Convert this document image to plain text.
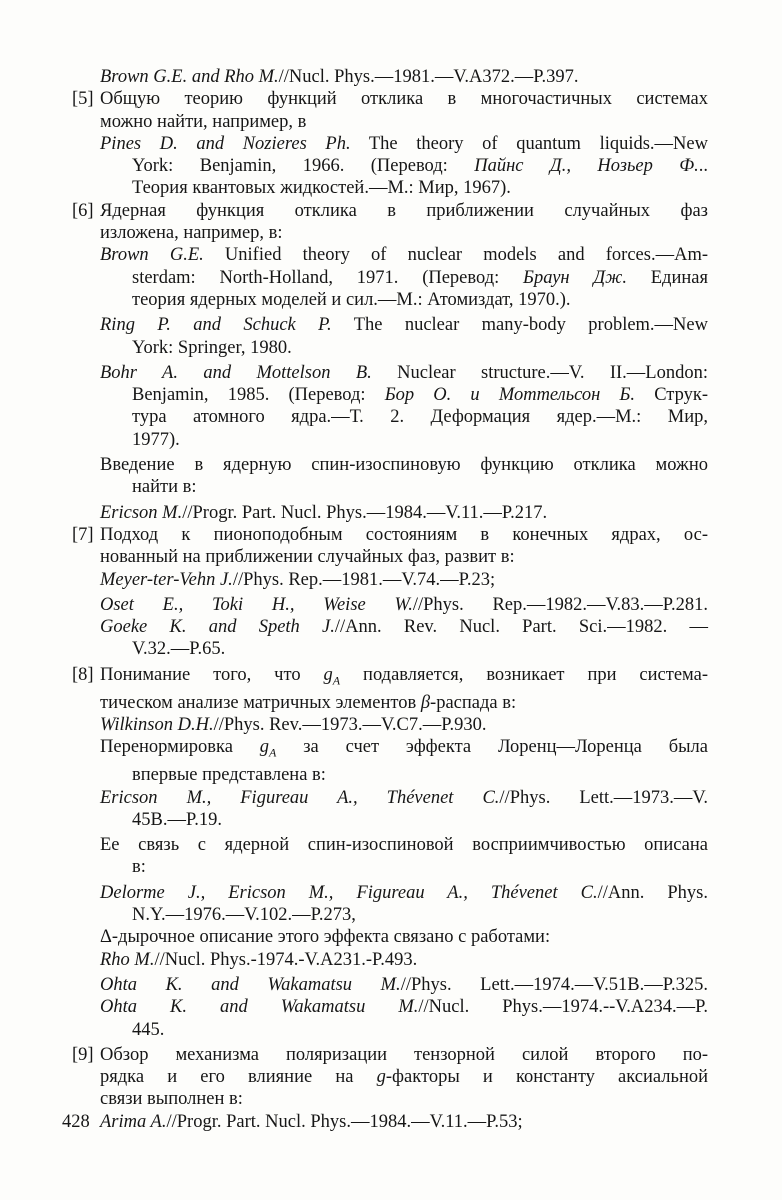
Brown G.E. and Rho M.//Nucl. Phys.—1981.—V.A372.—P.397.
[5] Общую теорию функций отклика в многочастичных системах
можно найти, например, в
Pines D. and Nozieres Ph. The theory of quantum liquids.—New
York: Benjamin, 1966. (Перевод: Пайнс Д., Нозьер Ф...
Теория квантовых жидкостей.—М.: Мир, 1967).
[6] Ядерная функция отклика в приближении случайных фаз
изложена, например, в:
Brown G.E. Unified theory of nuclear models and forces.—Am-
sterdam: North-Holland, 1971. (Перевод: Браун Дж. Единая
теория ядерных моделей и сил.—М.: Атомиздат, 1970.).
Ring P. and Schuck P. The nuclear many-body problem.—New
York: Springer, 1980.
Bohr A. and Mottelson B. Nuclear structure.—V. II.—London:
Benjamin, 1985. (Перевод: Бор О. и Моттельсон Б. Струк-
тура атомного ядра.—Т. 2. Деформация ядер.—М.: Мир,
1977).
Введение в ядерную спин-изоспиновую функцию отклика можно
найти в:
Ericson M.//Progr. Part. Nucl. Phys.—1984.—V.11.—P.217.
[7] Подход к пионоподобным состояниям в конечных ядрах, ос-
нованный на приближении случайных фаз, развит в:
Meyer-ter-Vehn J.//Phys. Rep.—1981.—V.74.—P.23;
Oset E., Toki H., Weise W.//Phys. Rep.—1982.—V.83.—P.281.
Goeke K. and Speth J.//Ann. Rev. Nucl. Part. Sci.—1982. —
V.32.—P.65.
[8] Понимание того, что $g_A$ подавляется, возникает при система-
тическом анализе матричных элементов β-распада в:
Wilkinson D.H.//Phys. Rev.—1973.—V.C7.—P.930.
Перенормировка $g_A$ за счет эффекта Лоренц—Лоренца была
впервые представлена в:
Ericson M., Figureau A., Thévenet C.//Phys. Lett.—1973.—V.
45B.—P.19.
Ее связь с ядерной спин-изоспиновой восприимчивостью описана
в:
Delorme J., Ericson M., Figureau A., Thévenet C.//Ann. Phys.
N.Y.—1976.—V.102.—P.273,
Δ-дырочное описание этого эффекта связано с работами:
Rho M.//Nucl. Phys.-1974.-V.A231.-P.493.
Ohta K. and Wakamatsu M.//Phys. Lett.—1974.—V.51B.—P.325.
Ohta K. and Wakamatsu M.//Nucl. Phys.—1974.--V.A234.—P.
445.
[9] Обзор механизма поляризации тензорной силой второго по-
рядка и его влияние на g-факторы и константу аксиальной
связи выполнен в:
Arima A.//Progr. Part. Nucl. Phys.—1984.—V.11.—P.53;
428
